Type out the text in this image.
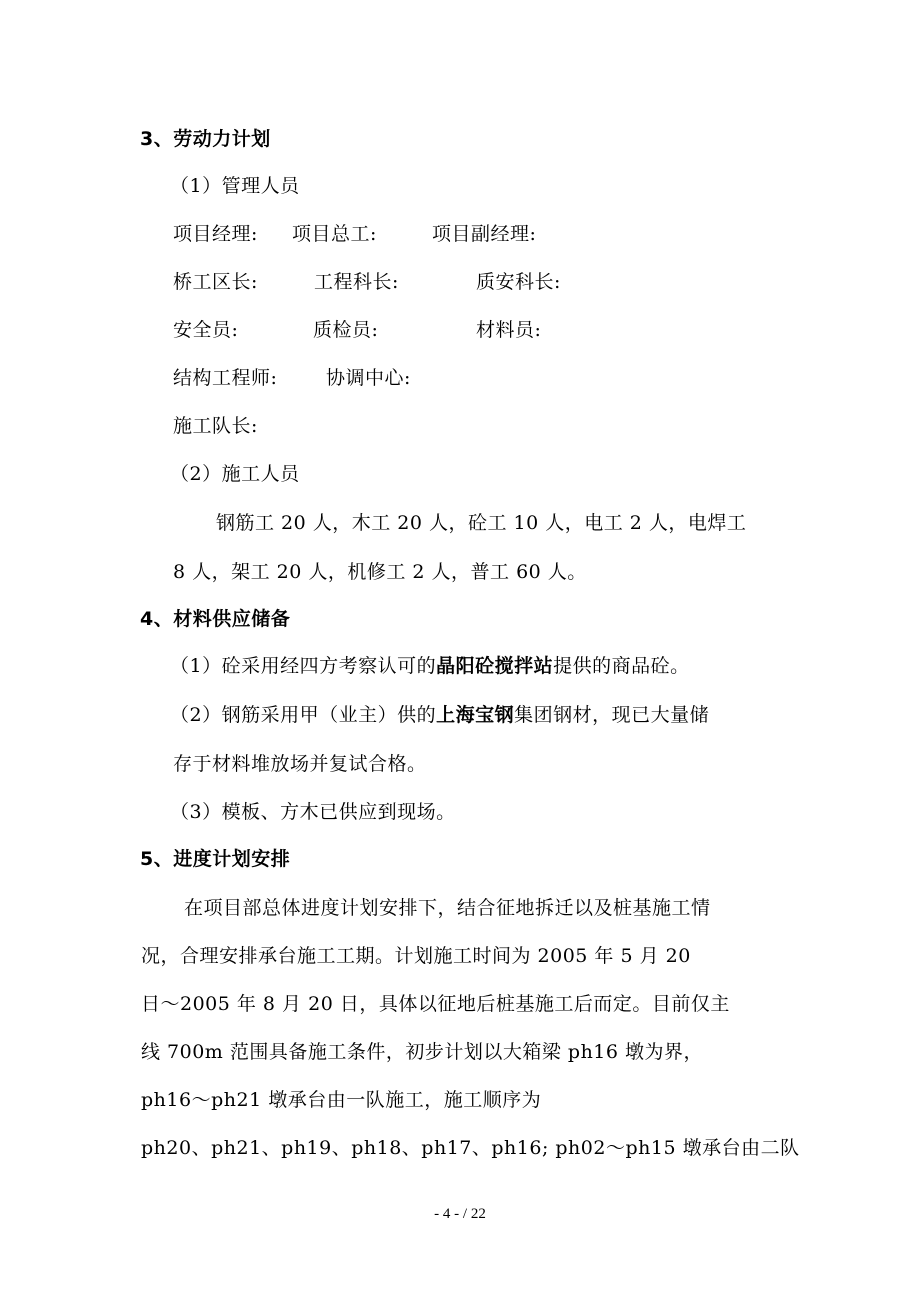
3、劳动力计划
（1）管理人员
项目经理: 项目总工:	项目副经理:
桥工区长:	工程科长:	质安科长:
安全员:	质检员:	材料员:
结构工程师:	协调中心:
施工队长:
（2）施工人员
钢筋工 20 人，木工 20 人，砼工 10 人，电工 2 人，电焊工
8 人，架工 20 人，机修工 2 人，普工 60 人。
4、材料供应储备
（1）砼采用经四方考察认可的晶阳砼搅拌站提供的商品砼。
（2）钢筋采用甲（业主）供的上海宝钢集团钢材，现已大量储
存于材料堆放场并复试合格。
（3）模板、方木已供应到现场。
5、进度计划安排
在项目部总体进度计划安排下，结合征地拆迁以及桩基施工情
况，合理安排承台施工工期。计划施工时间为 2005 年 5 月 20
日～2005 年 8 月 20 日，具体以征地后桩基施工后而定。目前仅主
线 700m 范围具备施工条件，初步计划以大箱梁 ph16 墩为界，
ph16～ph21 墩承台由一队施工，施工顺序为
ph20、ph21、ph19、ph18、ph17、ph16; ph02～ph15 墩承台由二队
- 4 - / 22
